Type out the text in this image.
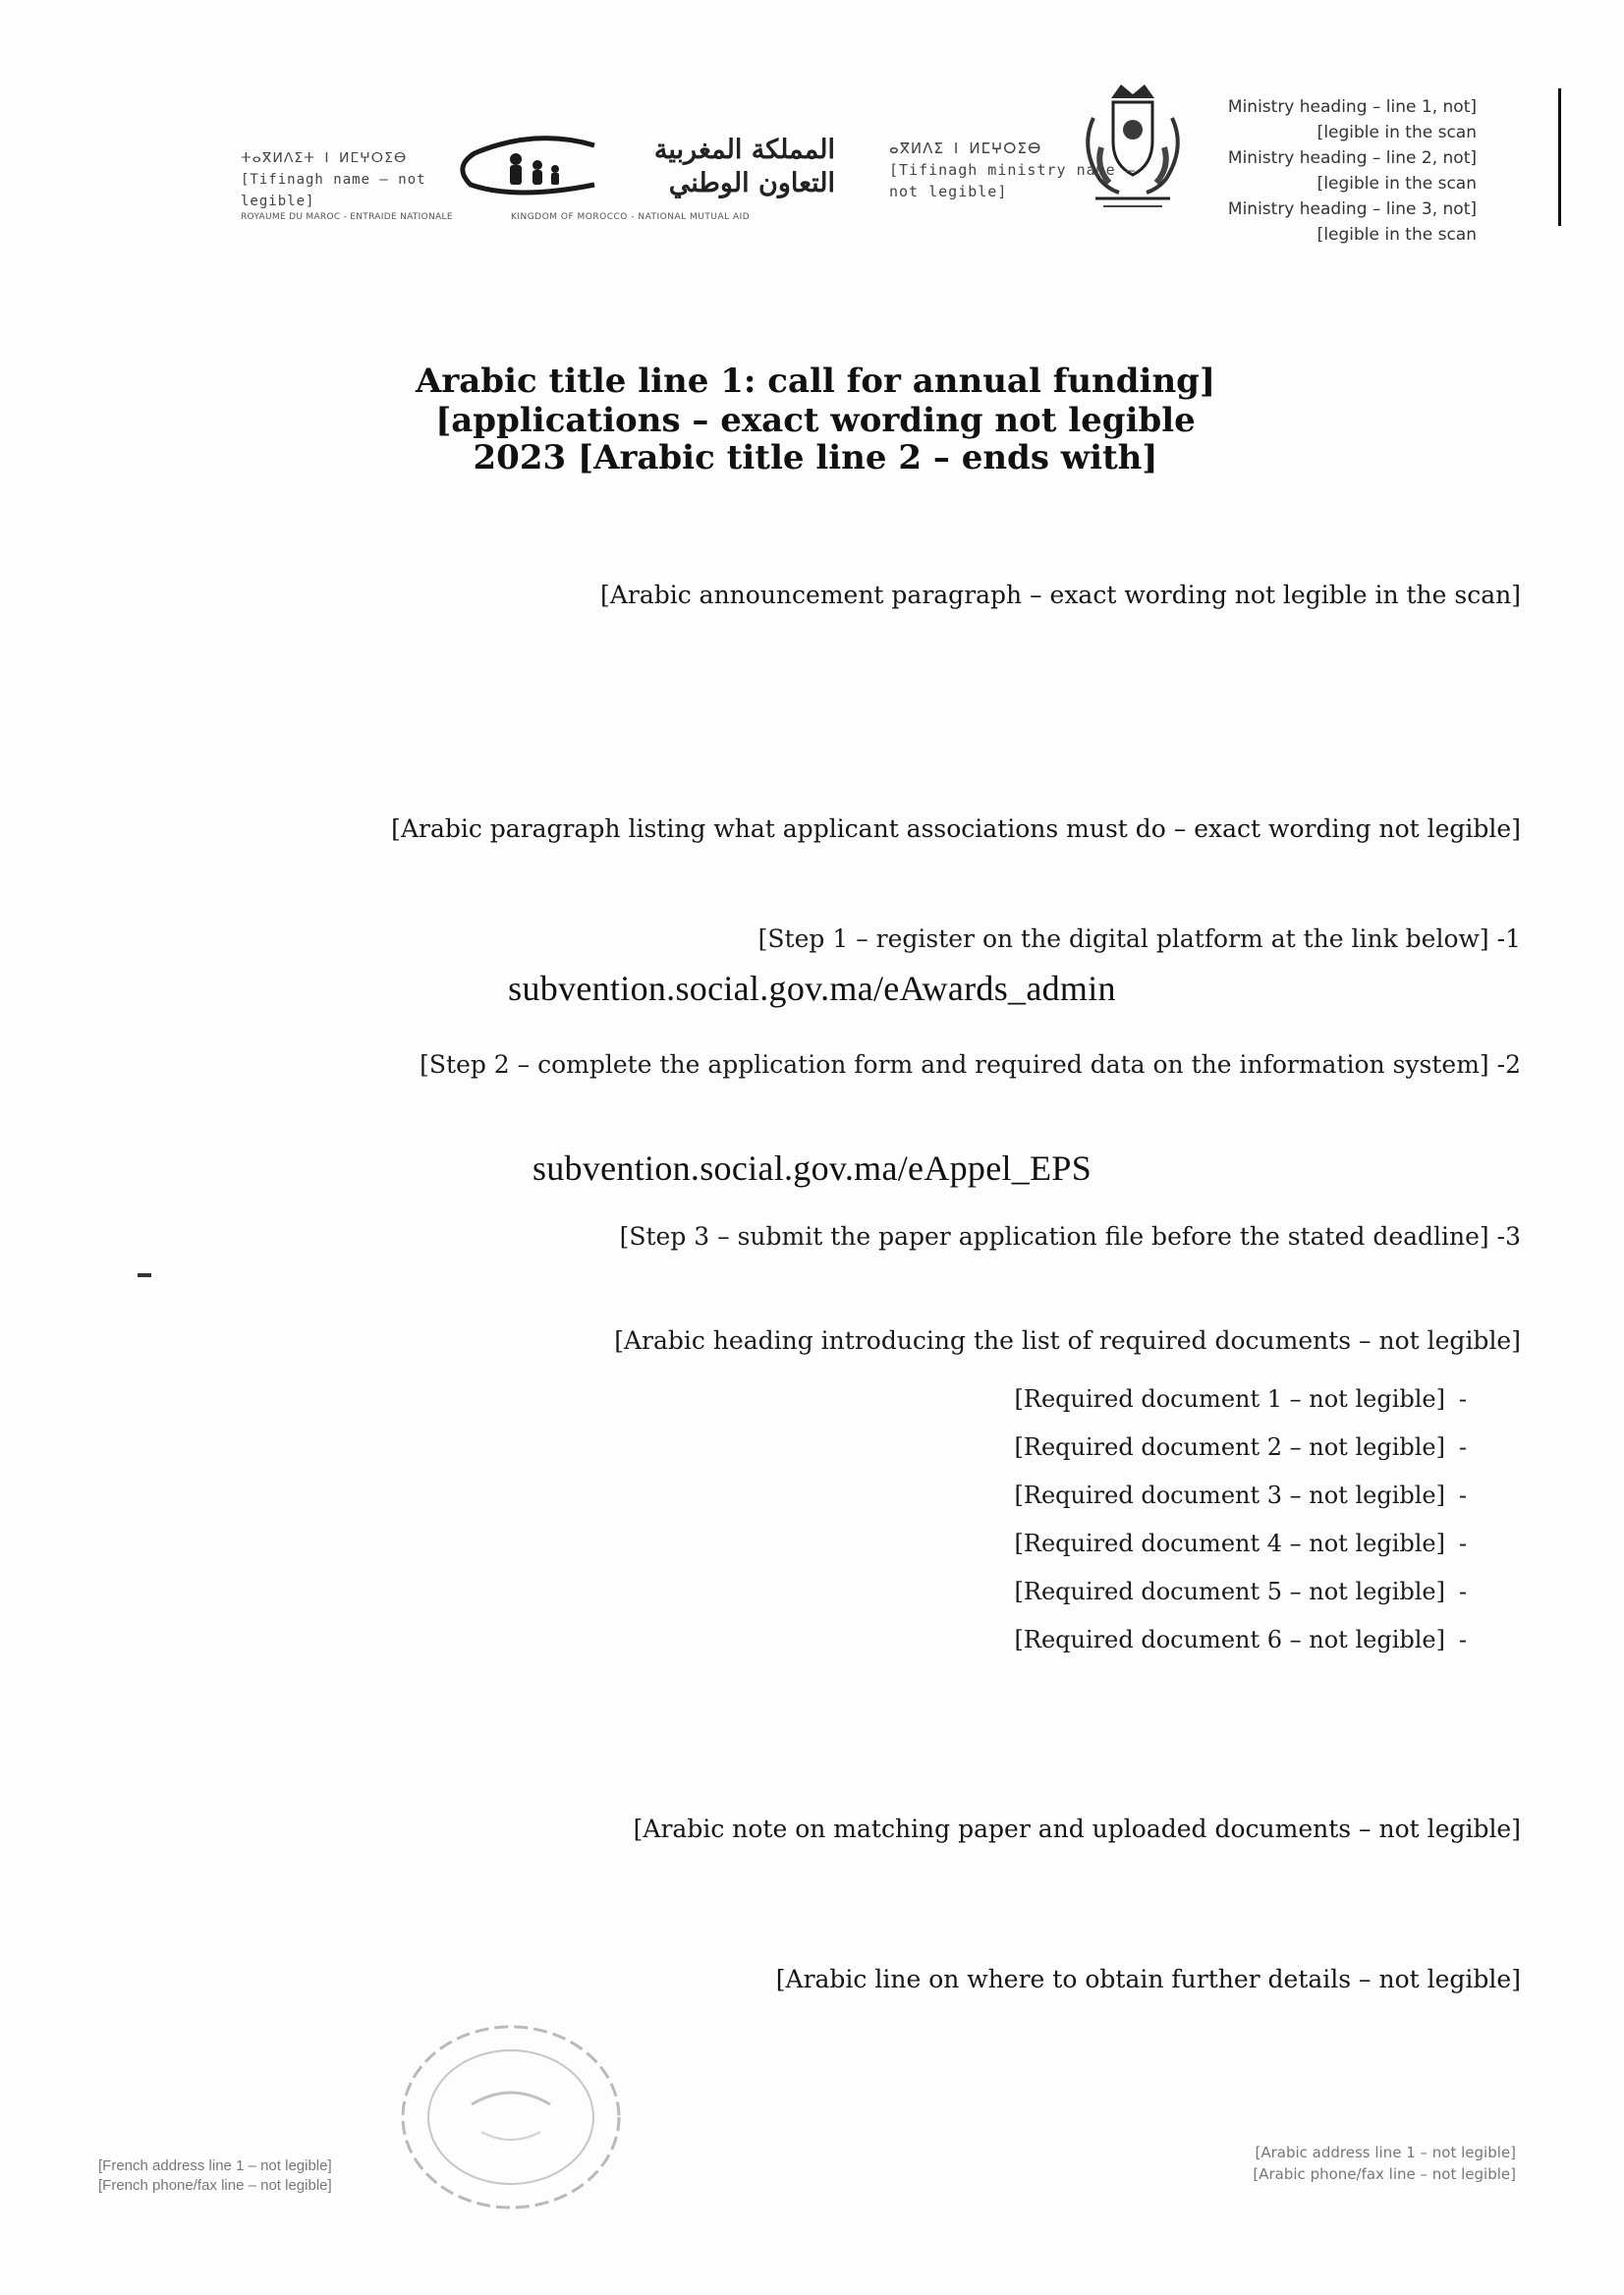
[Ministry heading – line 1, not legible in the scan]
[Ministry heading – line 2, not legible in the scan]
[Ministry heading – line 3, not legible in the scan]
ⴰⴳⵍⴷⵉ ⵏ ⵍⵎⵖⵔⵉⴱ
[Tifinagh ministry name – not legible]
المملكة المغربية
التعاون الوطني
KINGDOM OF MOROCCO - NATIONAL MUTUAL AID
ⵜⴰⴳⵍⴷⵉⵜ ⵏ ⵍⵎⵖⵔⵉⴱ
[Tifinagh name – not legible]
ROYAUME DU MAROC - ENTRAIDE NATIONALE
[Arabic title line 1: call for annual funding applications – exact wording not legible]
[Arabic title line 2 – ends with] 2023
[Arabic announcement paragraph – exact wording not legible in the scan]
[Arabic paragraph listing what applicant associations must do – exact wording not legible]
1- [Step 1 – register on the digital platform at the link below]
subvention.social.gov.ma/eAwards_admin
2- [Step 2 – complete the application form and required data on the information system]
subvention.social.gov.ma/eAppel_EPS
3- [Step 3 – submit the paper application file before the stated deadline]
[Arabic heading introducing the list of required documents – not legible]
- [Required document 1 – not legible]
- [Required document 2 – not legible]
- [Required document 3 – not legible]
- [Required document 4 – not legible]
- [Required document 5 – not legible]
- [Required document 6 – not legible]
[Arabic note on matching paper and uploaded documents – not legible]
[Arabic line on where to obtain further details – not legible]
[French address line 1 – not legible]
[French phone/fax line – not legible]
[Arabic address line 1 – not legible]
[Arabic phone/fax line – not legible]
